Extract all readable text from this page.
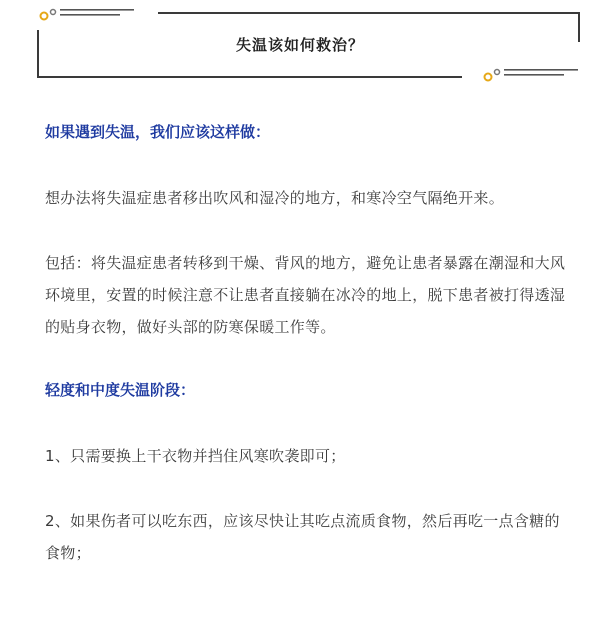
失温该如何救治？

如果遇到失温，我们应该这样做：

想办法将失温症患者移出吹风和湿冷的地方，和寒冷空气隔绝开来。

包括：将失温症患者转移到干燥、背风的地方，避免让患者暴露在潮湿和大风环境里，安置的时候注意不让患者直接躺在冰冷的地上，脱下患者被打得透湿的贴身衣物，做好头部的防寒保暖工作等。

轻度和中度失温阶段：

1、只需要换上干衣物并挡住风寒吹袭即可；

2、如果伤者可以吃东西，应该尽快让其吃点流质食物，然后再吃一点含糖的食物；
